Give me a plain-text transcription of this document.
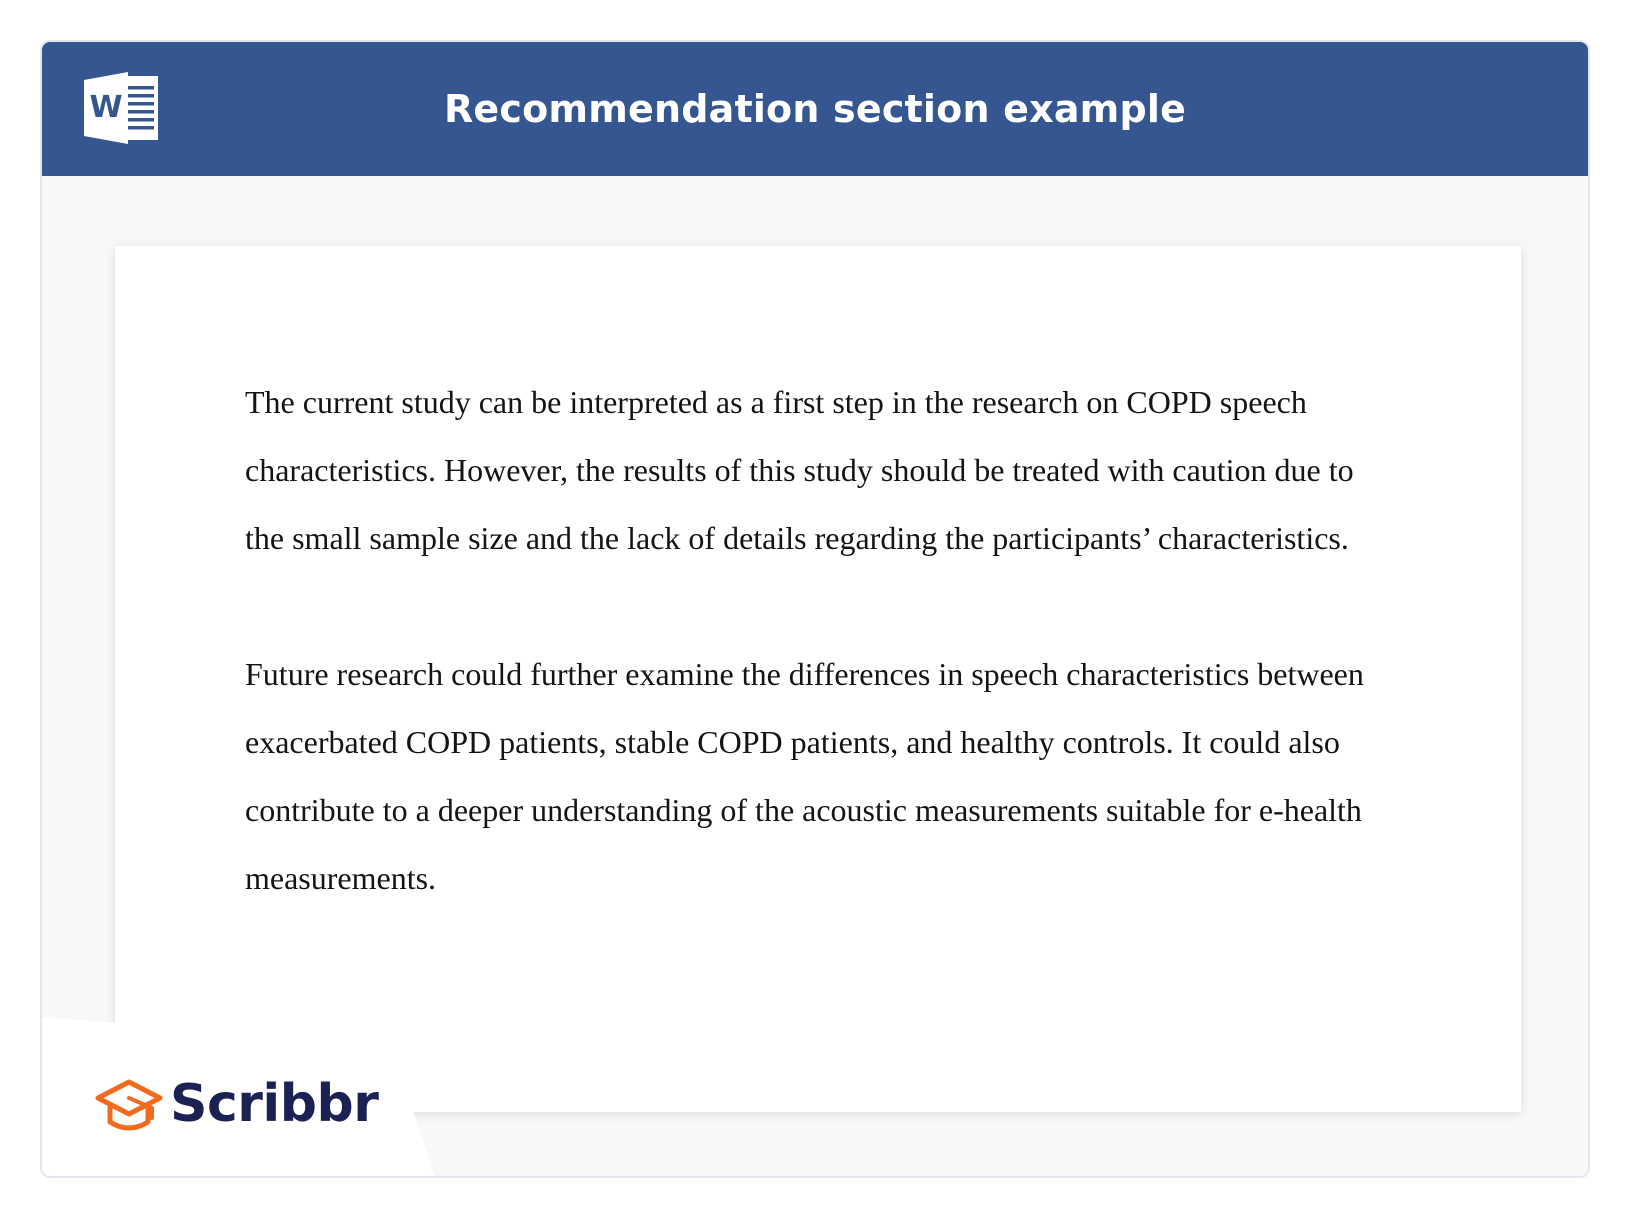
W	Recommendation section example

The current study can be interpreted as a first step in the research on COPD speech characteristics. However, the results of this study should be treated with caution due to the small sample size and the lack of details regarding the participants’ characteristics.

Future research could further examine the differences in speech characteristics between exacerbated COPD patients, stable COPD patients, and healthy controls. It could also contribute to a deeper understanding of the acoustic measurements suitable for e-health measurements.

Scribbr
